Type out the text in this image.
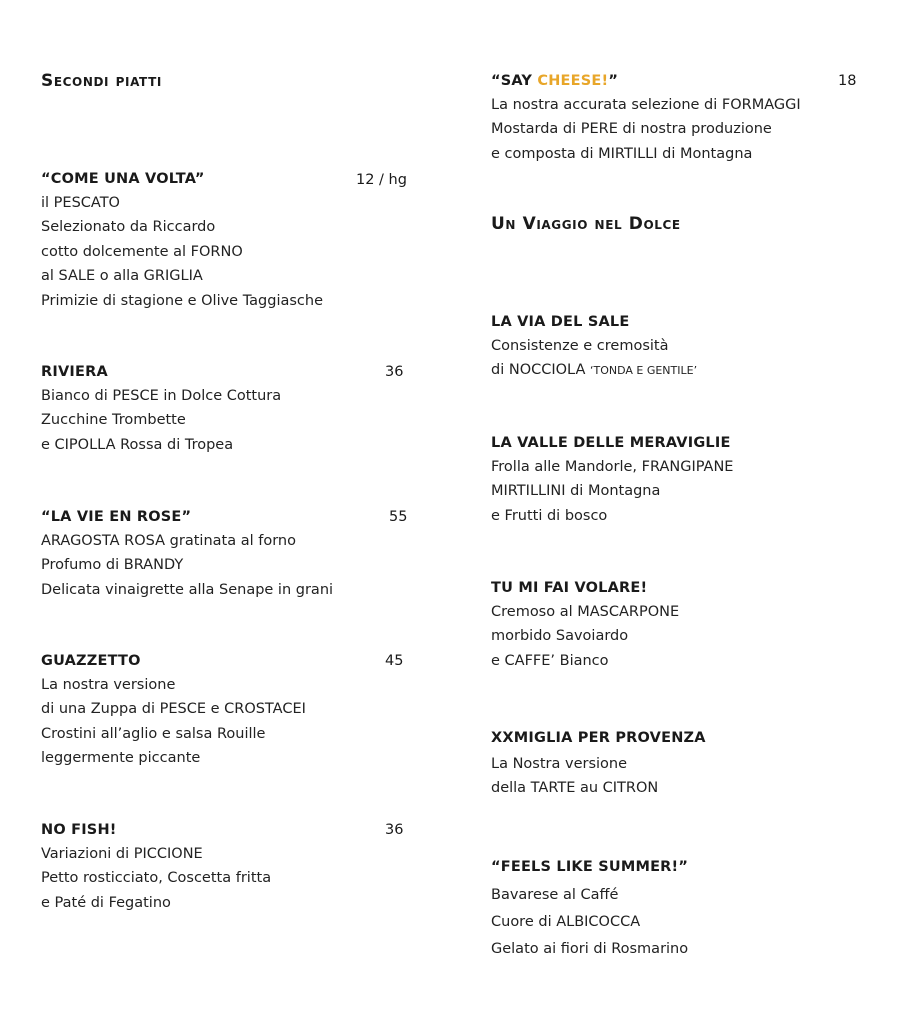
Secondi piatti
“COME UNA VOLTA”
il PESCATO
Selezionato da Riccardo
cotto dolcemente al FORNO
al SALE o alla GRIGLIA
Primizie di stagione e Olive Taggiasche
12 / hg
RIVIERA
Bianco di PESCE in Dolce Cottura
Zucchine Trombette
e CIPOLLA Rossa di Tropea
36
“LA VIE EN ROSE”
ARAGOSTA ROSA gratinata al forno
Profumo di BRANDY
Delicata vinaigrette alla Senape in grani
55
GUAZZETTO
La nostra versione
di una Zuppa di PESCE e CROSTACEI
Crostini all’aglio e salsa Rouille
leggermente piccante
45
NO FISH!
Variazioni di PICCIONE
Petto rosticciato, Coscetta fritta
e Paté di Fegatino
36
“SAY CHEESE!”
La nostra accurata selezione di FORMAGGI
Mostarda di PERE di nostra produzione
e composta di MIRTILLI di Montagna
18
Un Viaggio nel Dolce
LA VIA DEL SALE
Consistenze e cremosità
di NOCCIOLA ‘TONDA E GENTILE’
LA VALLE DELLE MERAVIGLIE
Frolla alle Mandorle, FRANGIPANE
MIRTILLINI di Montagna
e Frutti di bosco
TU MI FAI VOLARE!
Cremoso al MASCARPONE
morbido Savoiardo
e CAFFE’ Bianco
XXMIGLIA PER PROVENZA
La Nostra versione
della TARTE au CITRON
“FEELS LIKE SUMMER!”
Bavarese al Caffé
Cuore di ALBICOCCA
Gelato ai fiori di Rosmarino
